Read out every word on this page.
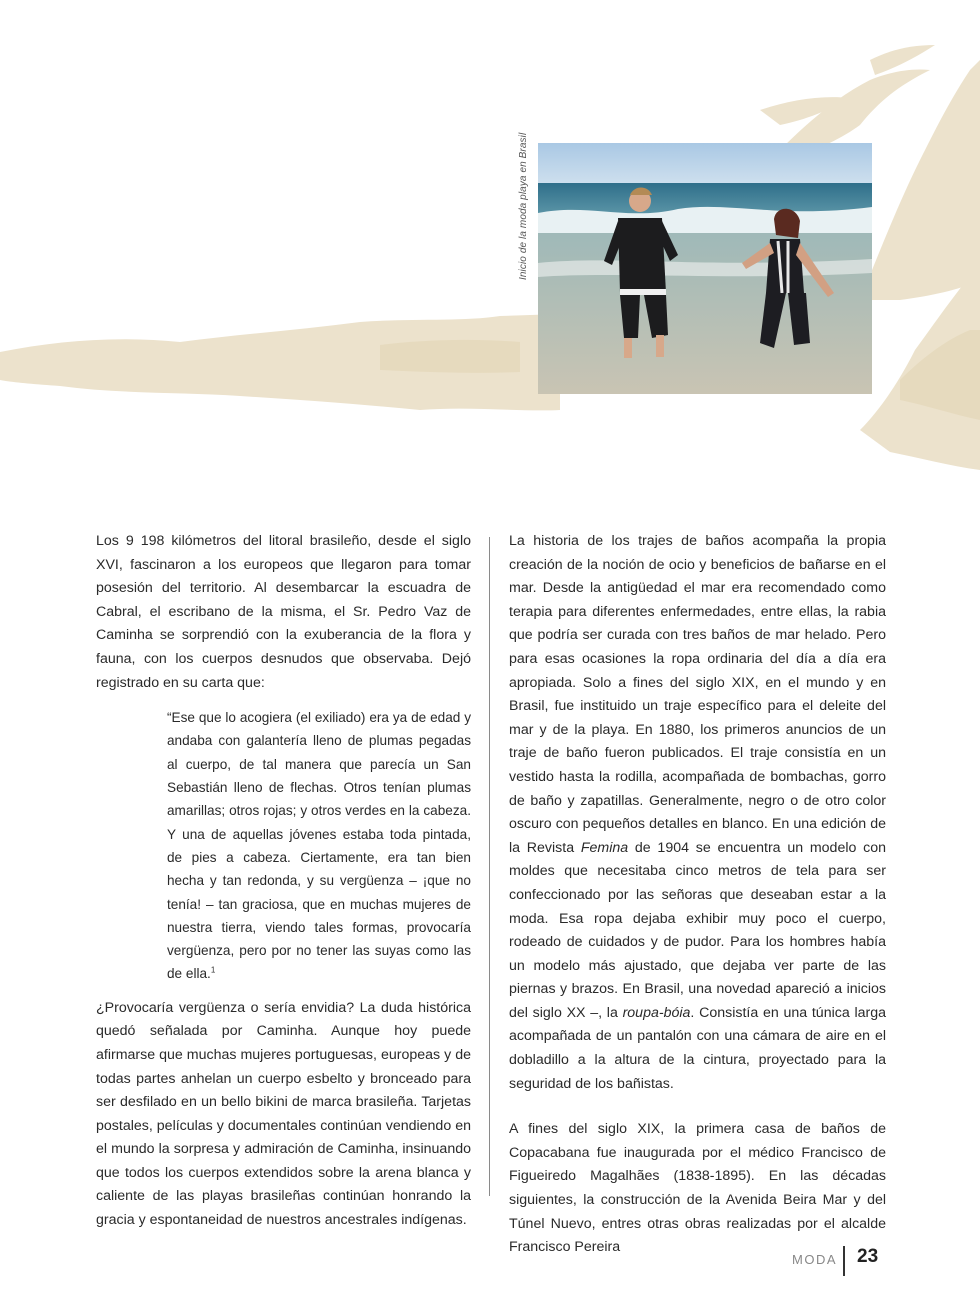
Inicio de la moda playa en Brasil

Los 9 198 kilómetros del litoral brasileño, desde el siglo XVI, fascinaron a los europeos que llegaron para tomar posesión del territorio. Al desembarcar la escuadra de Cabral, el escribano de la misma, el Sr. Pedro Vaz de Caminha se sorprendió con la exuberancia de la flora y fauna, con los cuerpos desnudos que observaba. Dejó registrado en su carta que:

“Ese que lo acogiera (el exiliado) era ya de edad y andaba con galantería lleno de plumas pegadas al cuerpo, de tal manera que parecía un San Sebastián lleno de flechas. Otros tenían plumas amarillas; otros rojas; y otros verdes en la cabeza. Y una de aquellas jóvenes estaba toda pintada, de pies a cabeza. Ciertamente, era tan bien hecha y tan redonda, y su vergüenza – ¡que no tenía! – tan graciosa, que en muchas mujeres de nuestra tierra, viendo tales formas, provocaría vergüenza, pero por no tener las suyas como las de ella.$^1$

¿Provocaría vergüenza o sería envidia? La duda histórica quedó señalada por Caminha. Aunque hoy puede afirmarse que muchas mujeres portuguesas, europeas y de todas partes anhelan un cuerpo esbelto y bronceado para ser desfilado en un bello bikini de marca brasileña. Tarjetas postales, películas y documentales continúan vendiendo en el mundo la sorpresa y admiración de Caminha, insinuando que todos los cuerpos extendidos sobre la arena blanca y caliente de las playas brasileñas continúan honrando la gracia y espontaneidad de nuestros ancestrales indígenas.

La historia de los trajes de baños acompaña la propia creación de la noción de ocio y beneficios de bañarse en el mar. Desde la antigüedad el mar era recomendado como terapia para diferentes enfermedades, entre ellas, la rabia que podría ser curada con tres baños de mar helado. Pero para esas ocasiones la ropa ordinaria del día a día era apropiada. Solo a fines del siglo XIX, en el mundo y en Brasil, fue instituido un traje específico para el deleite del mar y de la playa. En 1880, los primeros anuncios de un traje de baño fueron publicados. El traje consistía en un vestido hasta la rodilla, acompañada de bombachas, gorro de baño y zapatillas. Generalmente, negro o de otro color oscuro con pequeños detalles en blanco. En una edición de la Revista Femina de 1904 se encuentra un modelo con moldes que necesitaba cinco metros de tela para ser confeccionado por las señoras que deseaban estar a la moda. Esa ropa dejaba exhibir muy poco el cuerpo, rodeado de cuidados y de pudor. Para los hombres había un modelo más ajustado, que dejaba ver parte de las piernas y brazos. En Brasil, una novedad apareció a inicios del siglo XX –, la roupa-bóia. Consistía en una túnica larga acompañada de un pantalón con una cámara de aire en el dobladillo a la altura de la cintura, proyectado para la seguridad de los bañistas.

A fines del siglo XIX, la primera casa de baños de Copacabana fue inaugurada por el médico Francisco de Figueiredo Magalhães (1838-1895). En las décadas siguientes, la construcción de la Avenida Beira Mar y del Túnel Nuevo, entres otras obras realizadas por el alcalde Francisco Pereira

MODA 23
